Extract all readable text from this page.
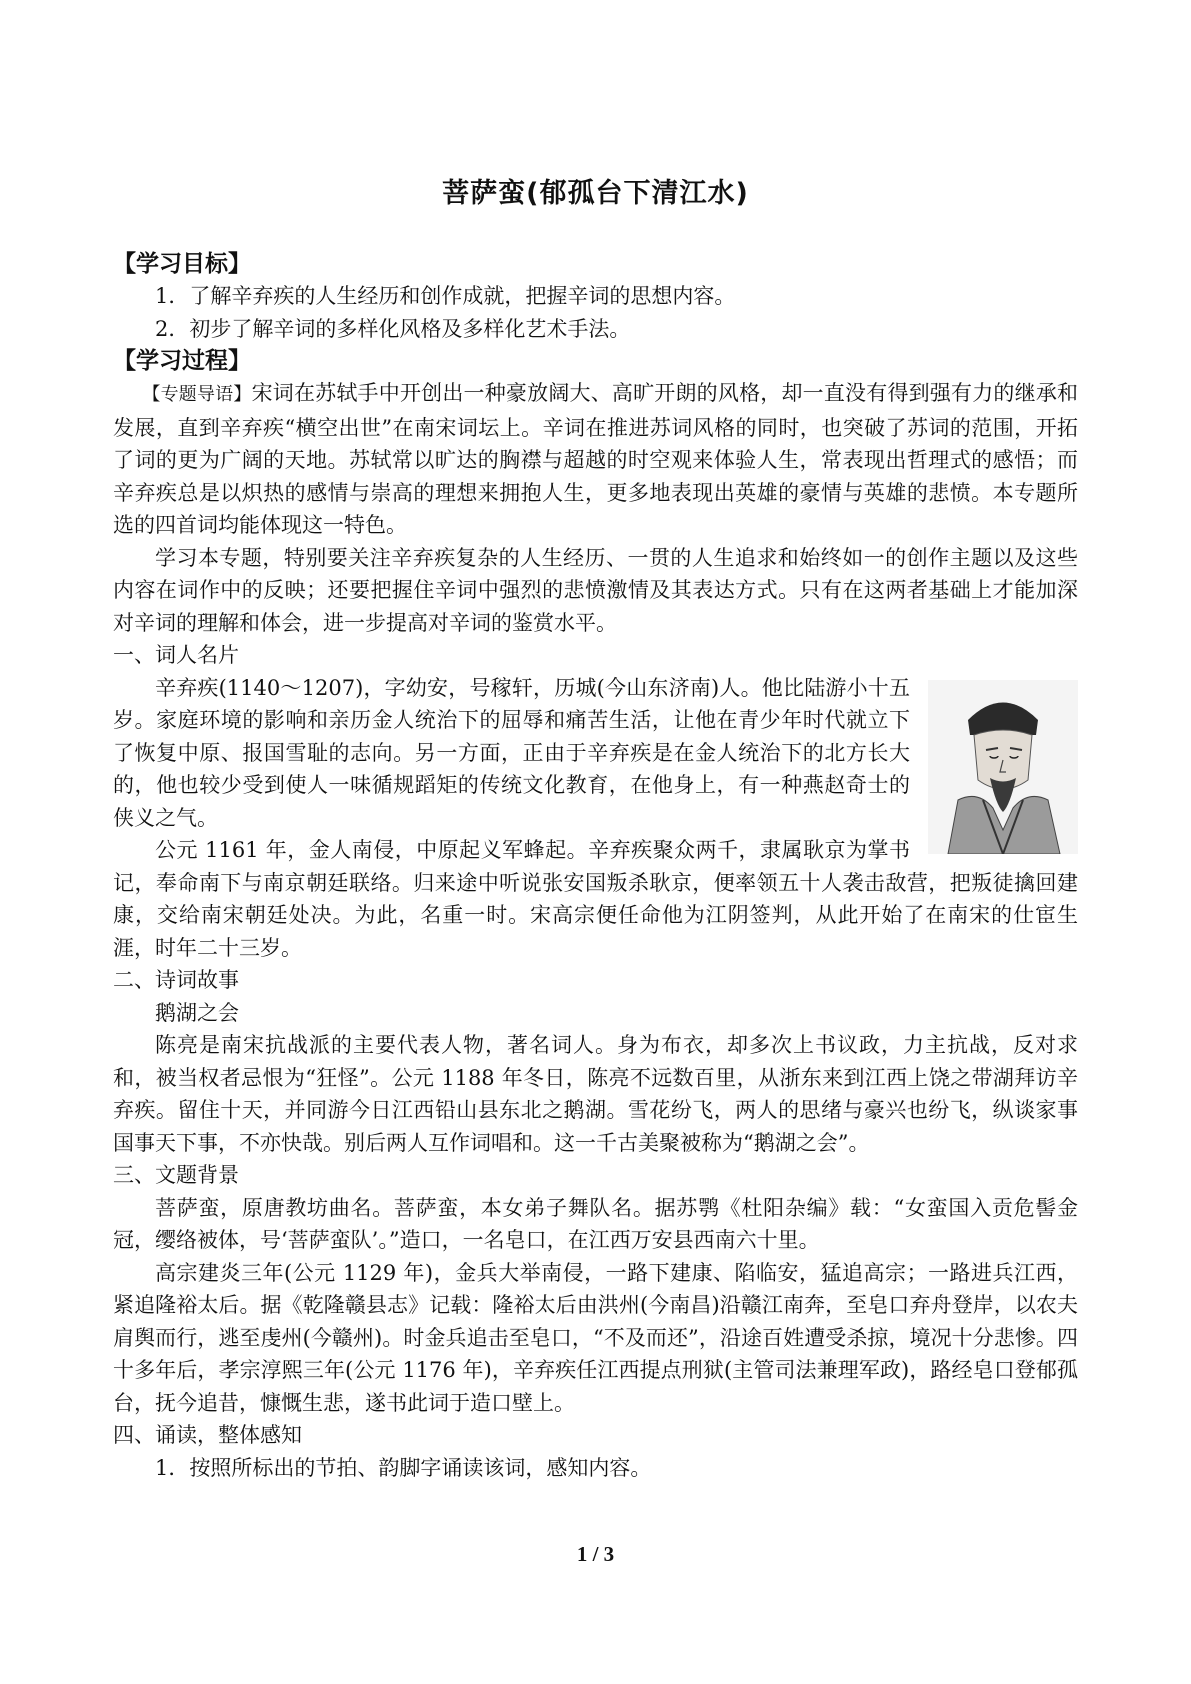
菩萨蛮(郁孤台下清江水)

【学习目标】

1．了解辛弃疾的人生经历和创作成就，把握辛词的思想内容。

2．初步了解辛词的多样化风格及多样化艺术手法。

【学习过程】

【专题导语】宋词在苏轼手中开创出一种豪放阔大、高旷开朗的风格，却一直没有得到强有力的继承和发展，直到辛弃疾“横空出世”在南宋词坛上。辛词在推进苏词风格的同时，也突破了苏词的范围，开拓了词的更为广阔的天地。苏轼常以旷达的胸襟与超越的时空观来体验人生，常表现出哲理式的感悟；而辛弃疾总是以炽热的感情与崇高的理想来拥抱人生，更多地表现出英雄的豪情与英雄的悲愤。本专题所选的四首词均能体现这一特色。

学习本专题，特别要关注辛弃疾复杂的人生经历、一贯的人生追求和始终如一的创作主题以及这些内容在词作中的反映；还要把握住辛词中强烈的悲愤激情及其表达方式。只有在这两者基础上才能加深对辛词的理解和体会，进一步提高对辛词的鉴赏水平。

一、词人名片

辛弃疾(1140～1207)，字幼安，号稼轩，历城(今山东济南)人。他比陆游小十五岁。家庭环境的影响和亲历金人统治下的屈辱和痛苦生活，让他在青少年时代就立下了恢复中原、报国雪耻的志向。另一方面，正由于辛弃疾是在金人统治下的北方长大的，他也较少受到使人一味循规蹈矩的传统文化教育，在他身上，有一种燕赵奇士的侠义之气。

公元 1161 年，金人南侵，中原起义军蜂起。辛弃疾聚众两千，隶属耿京为掌书记，奉命南下与南京朝廷联络。归来途中听说张安国叛杀耿京，便率领五十人袭击敌营，把叛徒擒回建康，交给南宋朝廷处决。为此，名重一时。宋高宗便任命他为江阴签判，从此开始了在南宋的仕宦生涯，时年二十三岁。

二、诗词故事

鹅湖之会

陈亮是南宋抗战派的主要代表人物，著名词人。身为布衣，却多次上书议政，力主抗战，反对求和，被当权者忌恨为“狂怪”。公元 1188 年冬日，陈亮不远数百里，从浙东来到江西上饶之带湖拜访辛弃疾。留住十天，并同游今日江西铅山县东北之鹅湖。雪花纷飞，两人的思绪与豪兴也纷飞，纵谈家事国事天下事，不亦快哉。别后两人互作词唱和。这一千古美聚被称为“鹅湖之会”。

三、文题背景

菩萨蛮，原唐教坊曲名。菩萨蛮，本女弟子舞队名。据苏鹗《杜阳杂编》载：“女蛮国入贡危髻金冠，缨络被体，号‘菩萨蛮队’。”造口，一名皂口，在江西万安县西南六十里。

高宗建炎三年(公元 1129 年)，金兵大举南侵，一路下建康、陷临安，猛追高宗；一路进兵江西，紧追隆裕太后。据《乾隆赣县志》记载：隆裕太后由洪州(今南昌)沿赣江南奔，至皂口弃舟登岸，以农夫肩舆而行，逃至虔州(今赣州)。时金兵追击至皂口，“不及而还”，沿途百姓遭受杀掠，境况十分悲惨。四十多年后，孝宗淳熙三年(公元 1176 年)，辛弃疾任江西提点刑狱(主管司法兼理军政)，路经皂口登郁孤台，抚今追昔，慷慨生悲，遂书此词于造口壁上。

四、诵读，整体感知

1．按照所标出的节拍、韵脚字诵读该词，感知内容。

1 / 3
